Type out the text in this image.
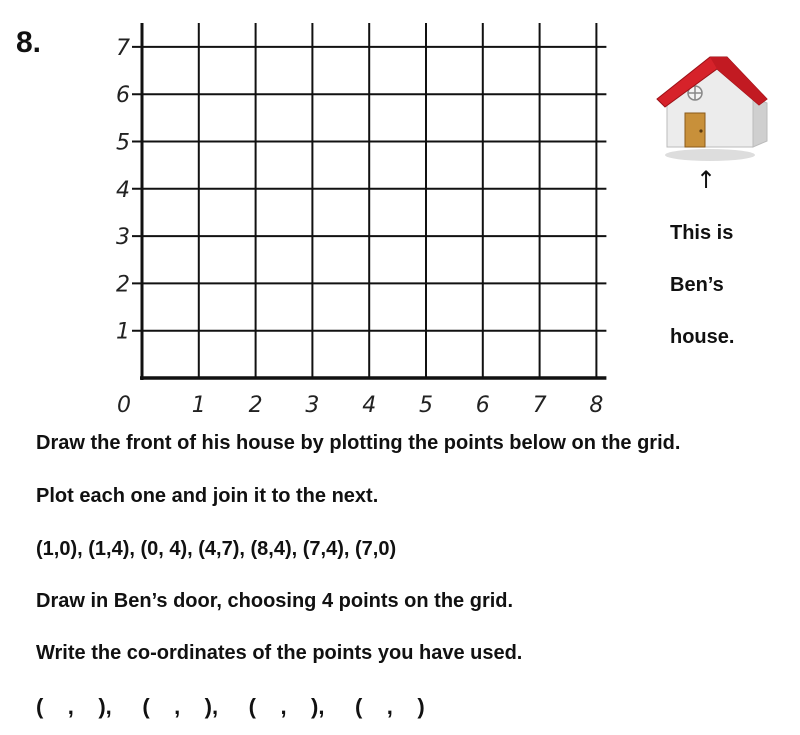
8.
0	1 2 3 4 5 6 7 8
1
2
3
4
5
6
7
↑
This is
Ben’s
house.
Draw the front of his house by plotting the points below on the grid.
Plot each one and join it to the next.
(1,0), (1,4), (0, 4), (4,7), (8,4), (7,4), (7,0)
Draw in Ben’s door, choosing 4 points on the grid.
Write the co-ordinates of the points you have used.
(    ,    ),     (    ,    ),     (    ,    ),     (    ,    )
